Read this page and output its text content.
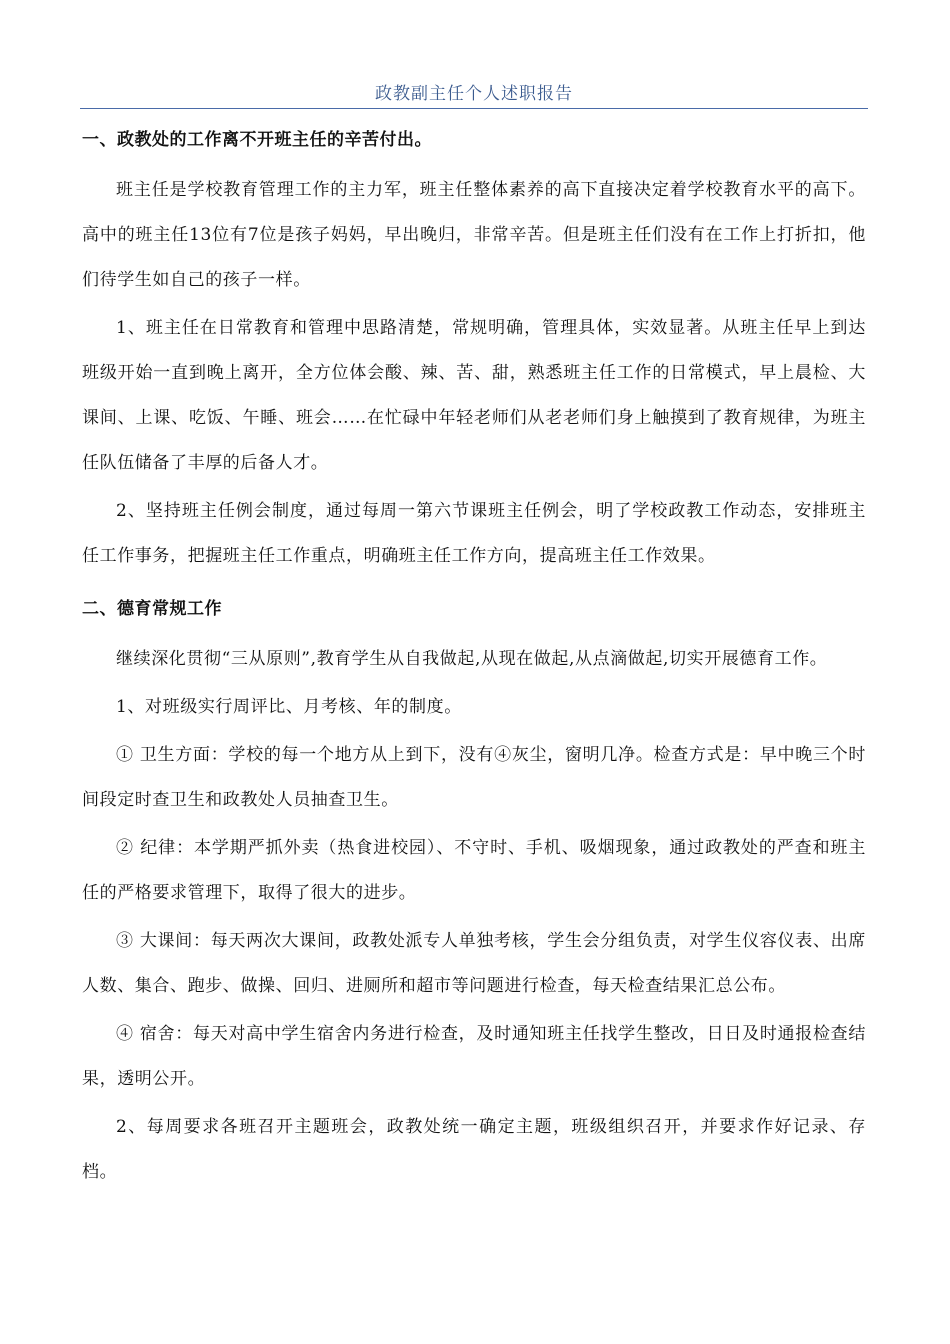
政教副主任个人述职报告
一、政教处的工作离不开班主任的辛苦付出。

班主任是学校教育管理工作的主力军，班主任整体素养的高下直接决定着学校教育水平的高下。高中的班主任13位有7位是孩子妈妈，早出晚归，非常辛苦。但是班主任们没有在工作上打折扣，他们待学生如自己的孩子一样。

1、班主任在日常教育和管理中思路清楚，常规明确，管理具体，实效显著。从班主任早上到达班级开始一直到晚上离开，全方位体会酸、辣、苦、甜，熟悉班主任工作的日常模式，早上晨检、大课间、上课、吃饭、午睡、班会……在忙碌中年轻老师们从老老师们身上触摸到了教育规律，为班主任队伍储备了丰厚的后备人才。

2、坚持班主任例会制度，通过每周一第六节课班主任例会，明了学校政教工作动态，安排班主任工作事务，把握班主任工作重点，明确班主任工作方向，提高班主任工作效果。

二、德育常规工作

继续深化贯彻“三从原则”,教育学生从自我做起,从现在做起,从点滴做起,切实开展德育工作。

1、对班级实行周评比、月考核、年的制度。

① 卫生方面：学校的每一个地方从上到下，没有④灰尘，窗明几净。检查方式是：早中晚三个时间段定时查卫生和政教处人员抽查卫生。

② 纪律：本学期严抓外卖（热食进校园）、不守时、手机、吸烟现象，通过政教处的严查和班主任的严格要求管理下，取得了很大的进步。

③ 大课间：每天两次大课间，政教处派专人单独考核，学生会分组负责，对学生仪容仪表、出席人数、集合、跑步、做操、回归、进厕所和超市等问题进行检查，每天检查结果汇总公布。

④ 宿舍：每天对高中学生宿舍内务进行检查，及时通知班主任找学生整改，日日及时通报检查结果，透明公开。

2、每周要求各班召开主题班会，政教处统一确定主题，班级组织召开，并要求作好记录、存档。
